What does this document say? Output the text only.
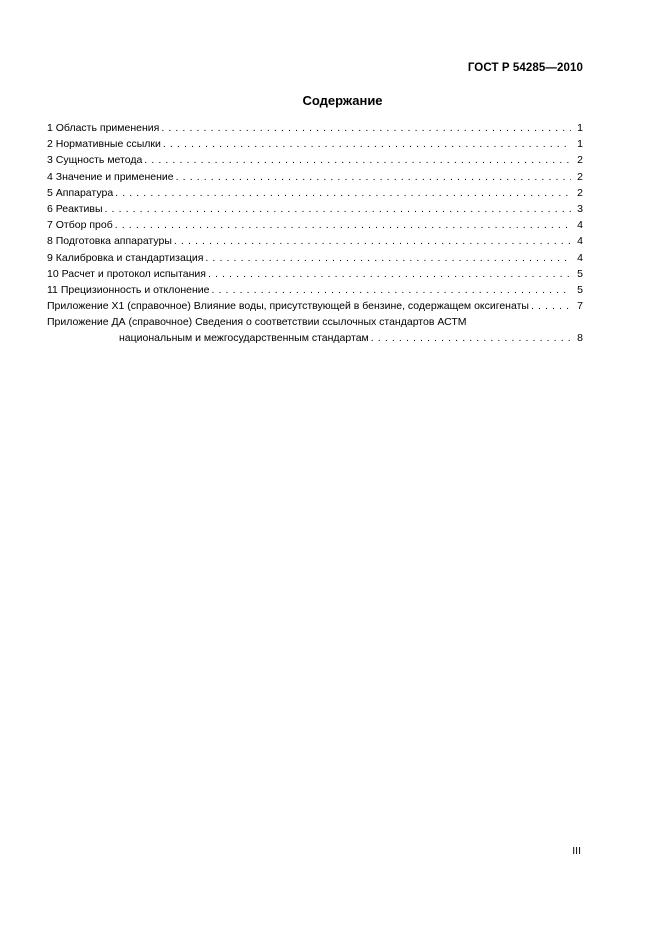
ГОСТ Р 54285—2010
Содержание
1 Область применения . . .	1
2 Нормативные ссылки . . .	1
3 Сущность метода . . .	2
4 Значение и применение . . .	2
5 Аппаратура . . .	2
6 Реактивы . . .	3
7 Отбор проб . . .	4
8 Подготовка аппаратуры . . .	4
9 Калибровка и стандартизация . . .	4
10 Расчет и протокол испытания . . .	5
11 Прецизионность и отклонение . . .	5
Приложение Х1 (справочное) Влияние воды, присутствующей в бензине, содержащем оксигенаты . . .	7
Приложение ДА (справочное) Сведения о соответствии ссылочных стандартов АСТМ
национальным и межгосударственным стандартам . . .	8
III
